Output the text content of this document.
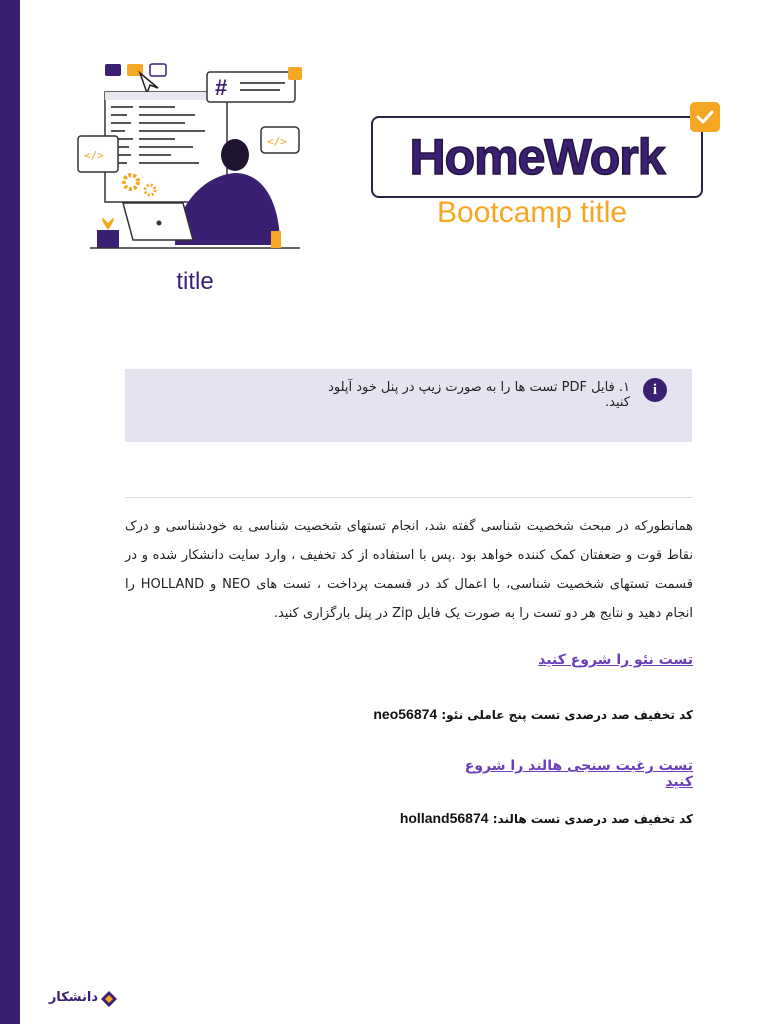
#
</>
</>
title
HomeWork
Bootcamp title
i
۱. فایل PDF تست ها را به صورت زیپ در پنل خود آپلود کنید.
همانطورکه در مبحث شخصیت شناسی گفته شد، انجام تستهای شخصیت شناسی به خودشناسی و درک نقاط قوت و ضعفتان کمک کننده خواهد بود .پس با استفاده از کد تخفیف ، وارد سایت دانشکار شده و در قسمت تستهای شخصیت شناسی، با اعمال کد در قسمت پرداخت ، تست های NEO و HOLLAND را انجام دهید و نتایج هر دو تست را به صورت یک فایل Zip در پنل بارگزاری کنید.
تست نئو را شروع کنید
کد تخفیف صد درصدی تست پنج عاملی نئو: neo56874
تست رغبت سنجی هالند را شروع کنید
کد تخفیف صد درصدی تست هالند: holland56874
دانشکار
